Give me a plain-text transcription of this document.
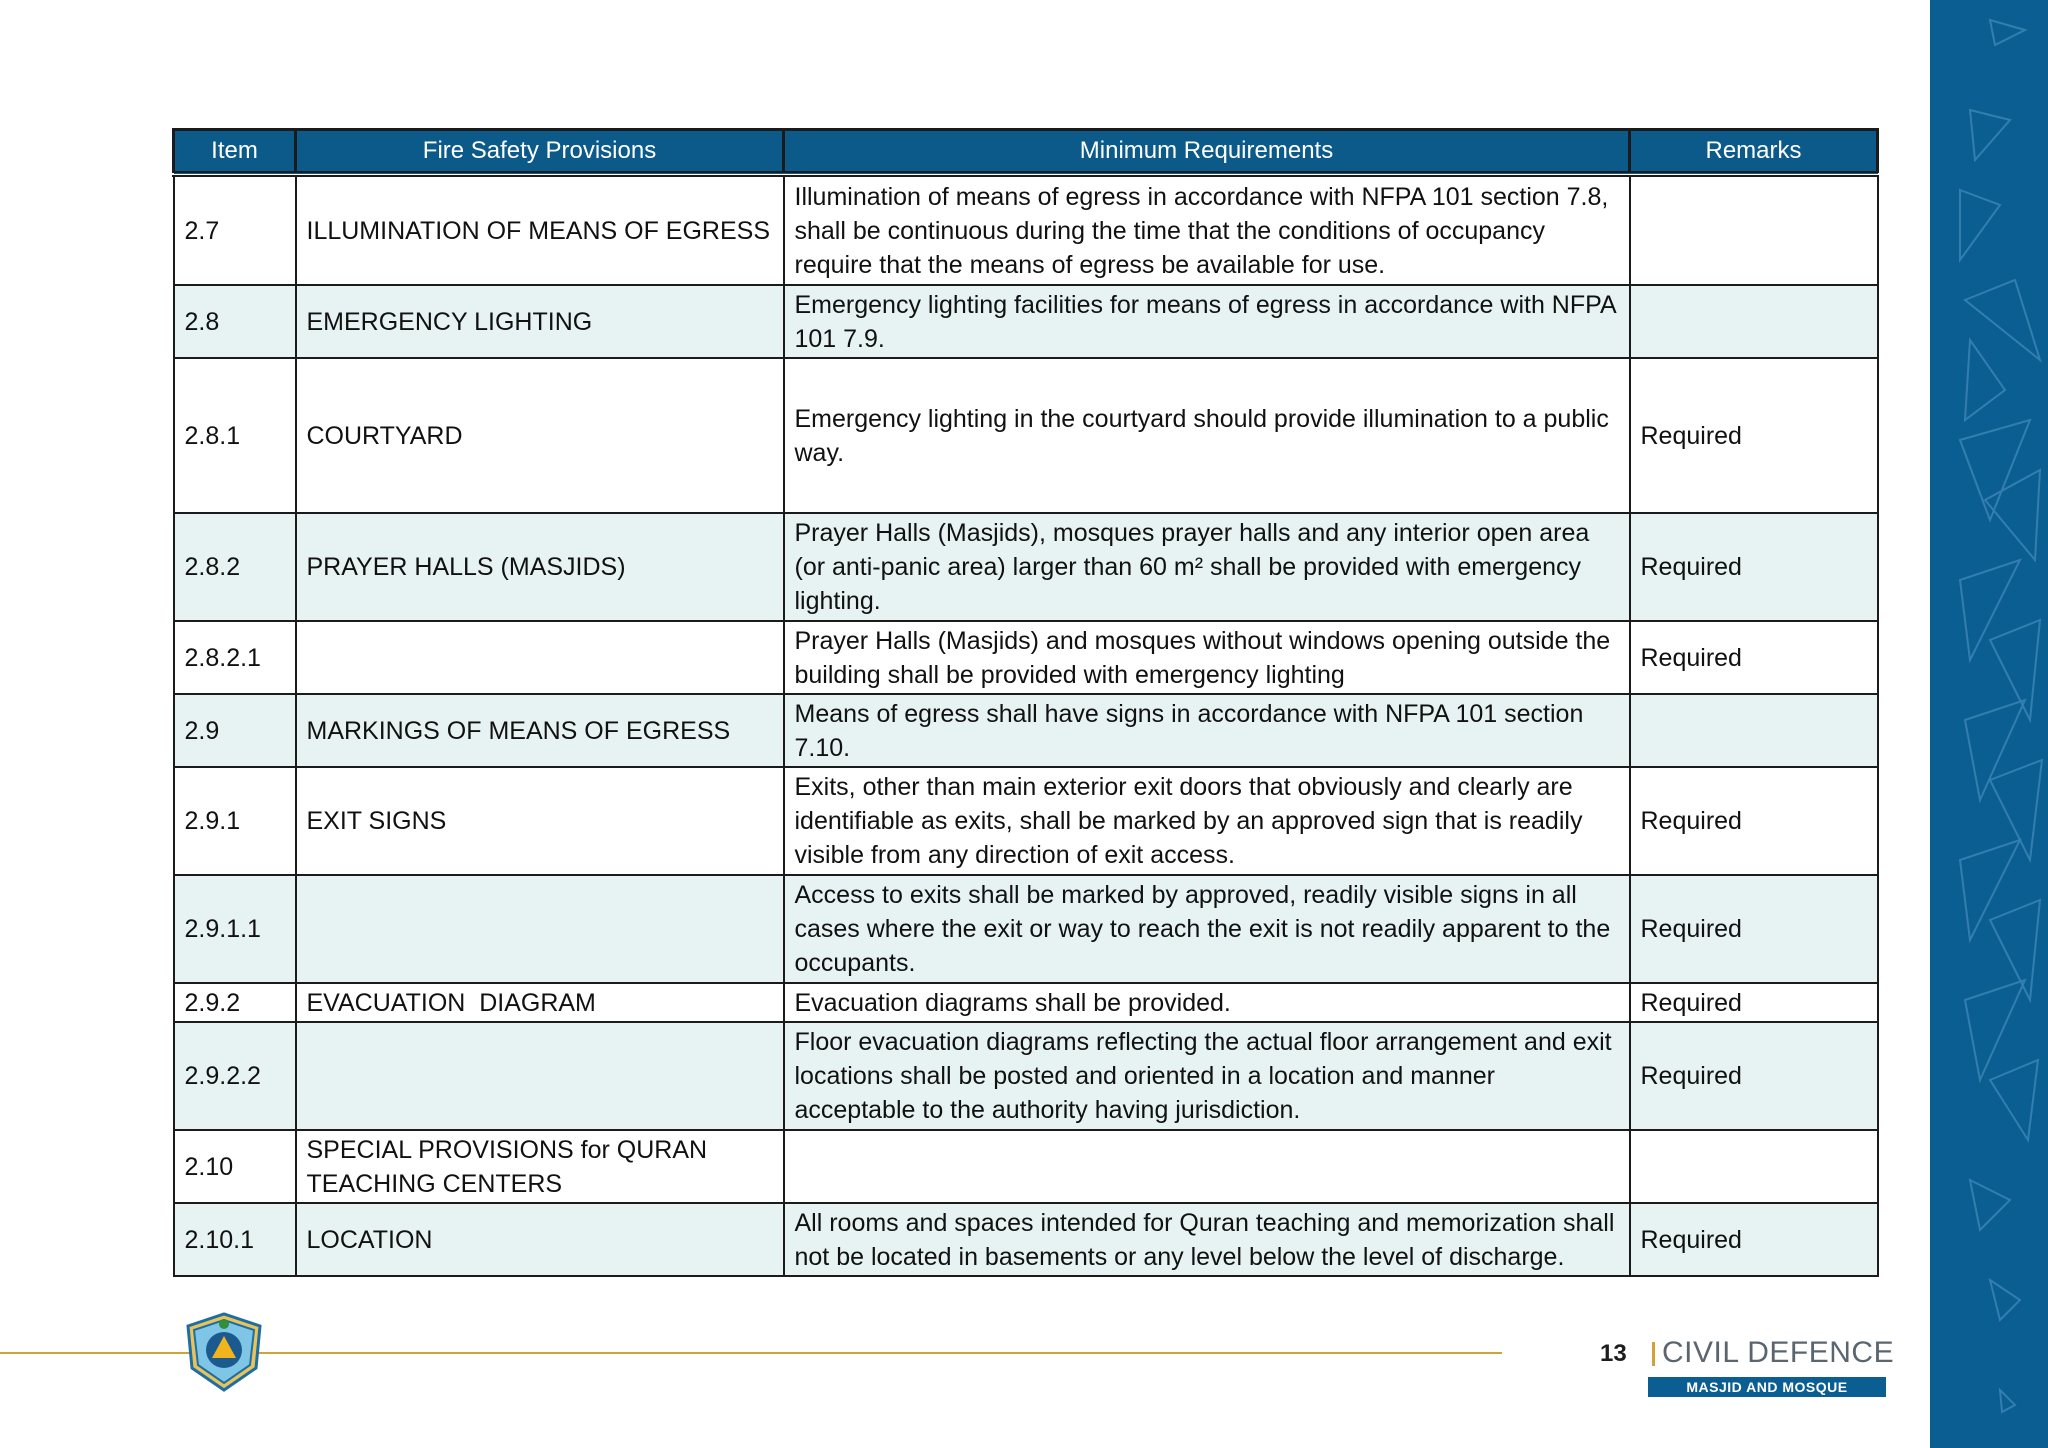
Item	Fire Safety Provisions	Minimum Requirements	Remarks
2.7	ILLUMINATION OF MEANS OF EGRESS	Illumination of means of egress in accordance with NFPA 101 section 7.8, shall be continuous during the time that the conditions of occupancy require that the means of egress be available for use.	
2.8	EMERGENCY LIGHTING	Emergency lighting facilities for means of egress in accordance with NFPA 101 7.9.	
2.8.1	COURTYARD	Emergency lighting in the courtyard should provide illumination to a public way.	Required
2.8.2	PRAYER HALLS (MASJIDS)	Prayer Halls (Masjids), mosques prayer halls and any interior open area (or anti-panic area) larger than 60 m² shall be provided with emergency lighting.	Required
2.8.2.1		Prayer Halls (Masjids) and mosques without windows opening outside the building shall be provided with emergency lighting	Required
2.9	MARKINGS OF MEANS OF EGRESS	Means of egress shall have signs in accordance with NFPA 101 section 7.10.	
2.9.1	EXIT SIGNS	Exits, other than main exterior exit doors that obviously and clearly are identifiable as exits, shall be marked by an approved sign that is readily visible from any direction of exit access.	Required
2.9.1.1		Access to exits shall be marked by approved, readily visible signs in all cases where the exit or way to reach the exit is not readily apparent to the occupants.	Required
2.9.2	EVACUATION  DIAGRAM	Evacuation diagrams shall be provided.	Required
2.9.2.2		Floor evacuation diagrams reflecting the actual floor arrangement and exit locations shall be posted and oriented in a location and manner acceptable to the authority having jurisdiction.	Required
2.10	SPECIAL PROVISIONS for QURAN TEACHING CENTERS		
2.10.1	LOCATION	All rooms and spaces intended for Quran teaching and memorization shall not be located in basements or any level below the level of discharge.	Required
13 CIVIL DEFENCE
MASJID AND MOSQUE
